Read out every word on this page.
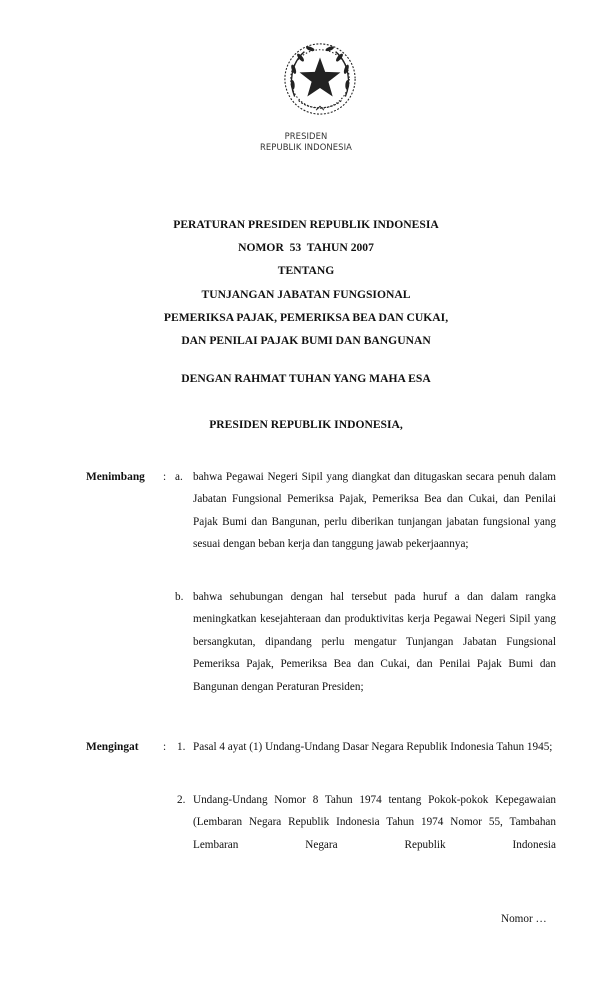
PRESIDEN
REPUBLIK INDONESIA
PERATURAN PRESIDEN REPUBLIK INDONESIA
NOMOR  53  TAHUN 2007
TENTANG
TUNJANGAN JABATAN FUNGSIONAL
PEMERIKSA PAJAK, PEMERIKSA BEA DAN CUKAI,
DAN PENILAI PAJAK BUMI DAN BANGUNAN
DENGAN RAHMAT TUHAN YANG MAHA ESA
PRESIDEN REPUBLIK INDONESIA,
Menimbang : a. bahwa Pegawai Negeri Sipil yang diangkat dan ditugaskan secara penuh dalam Jabatan Fungsional Pemeriksa Pajak, Pemeriksa Bea dan Cukai, dan Penilai Pajak Bumi dan Bangunan, perlu diberikan tunjangan jabatan fungsional yang sesuai dengan beban kerja dan tanggung jawab pekerjaannya;
b. bahwa sehubungan dengan hal tersebut pada huruf a dan dalam rangka meningkatkan kesejahteraan dan produktivitas kerja Pegawai Negeri Sipil yang bersangkutan, dipandang perlu mengatur Tunjangan Jabatan Fungsional Pemeriksa Pajak, Pemeriksa Bea dan Cukai, dan Penilai Pajak Bumi dan Bangunan dengan Peraturan Presiden;
Mengingat : 1. Pasal 4 ayat (1) Undang-Undang Dasar Negara Republik Indonesia Tahun 1945;
2. Undang-Undang Nomor 8 Tahun 1974 tentang Pokok-pokok Kepegawaian (Lembaran Negara Republik Indonesia Tahun 1974 Nomor 55, Tambahan Lembaran Negara Republik Indonesia
Nomor …
